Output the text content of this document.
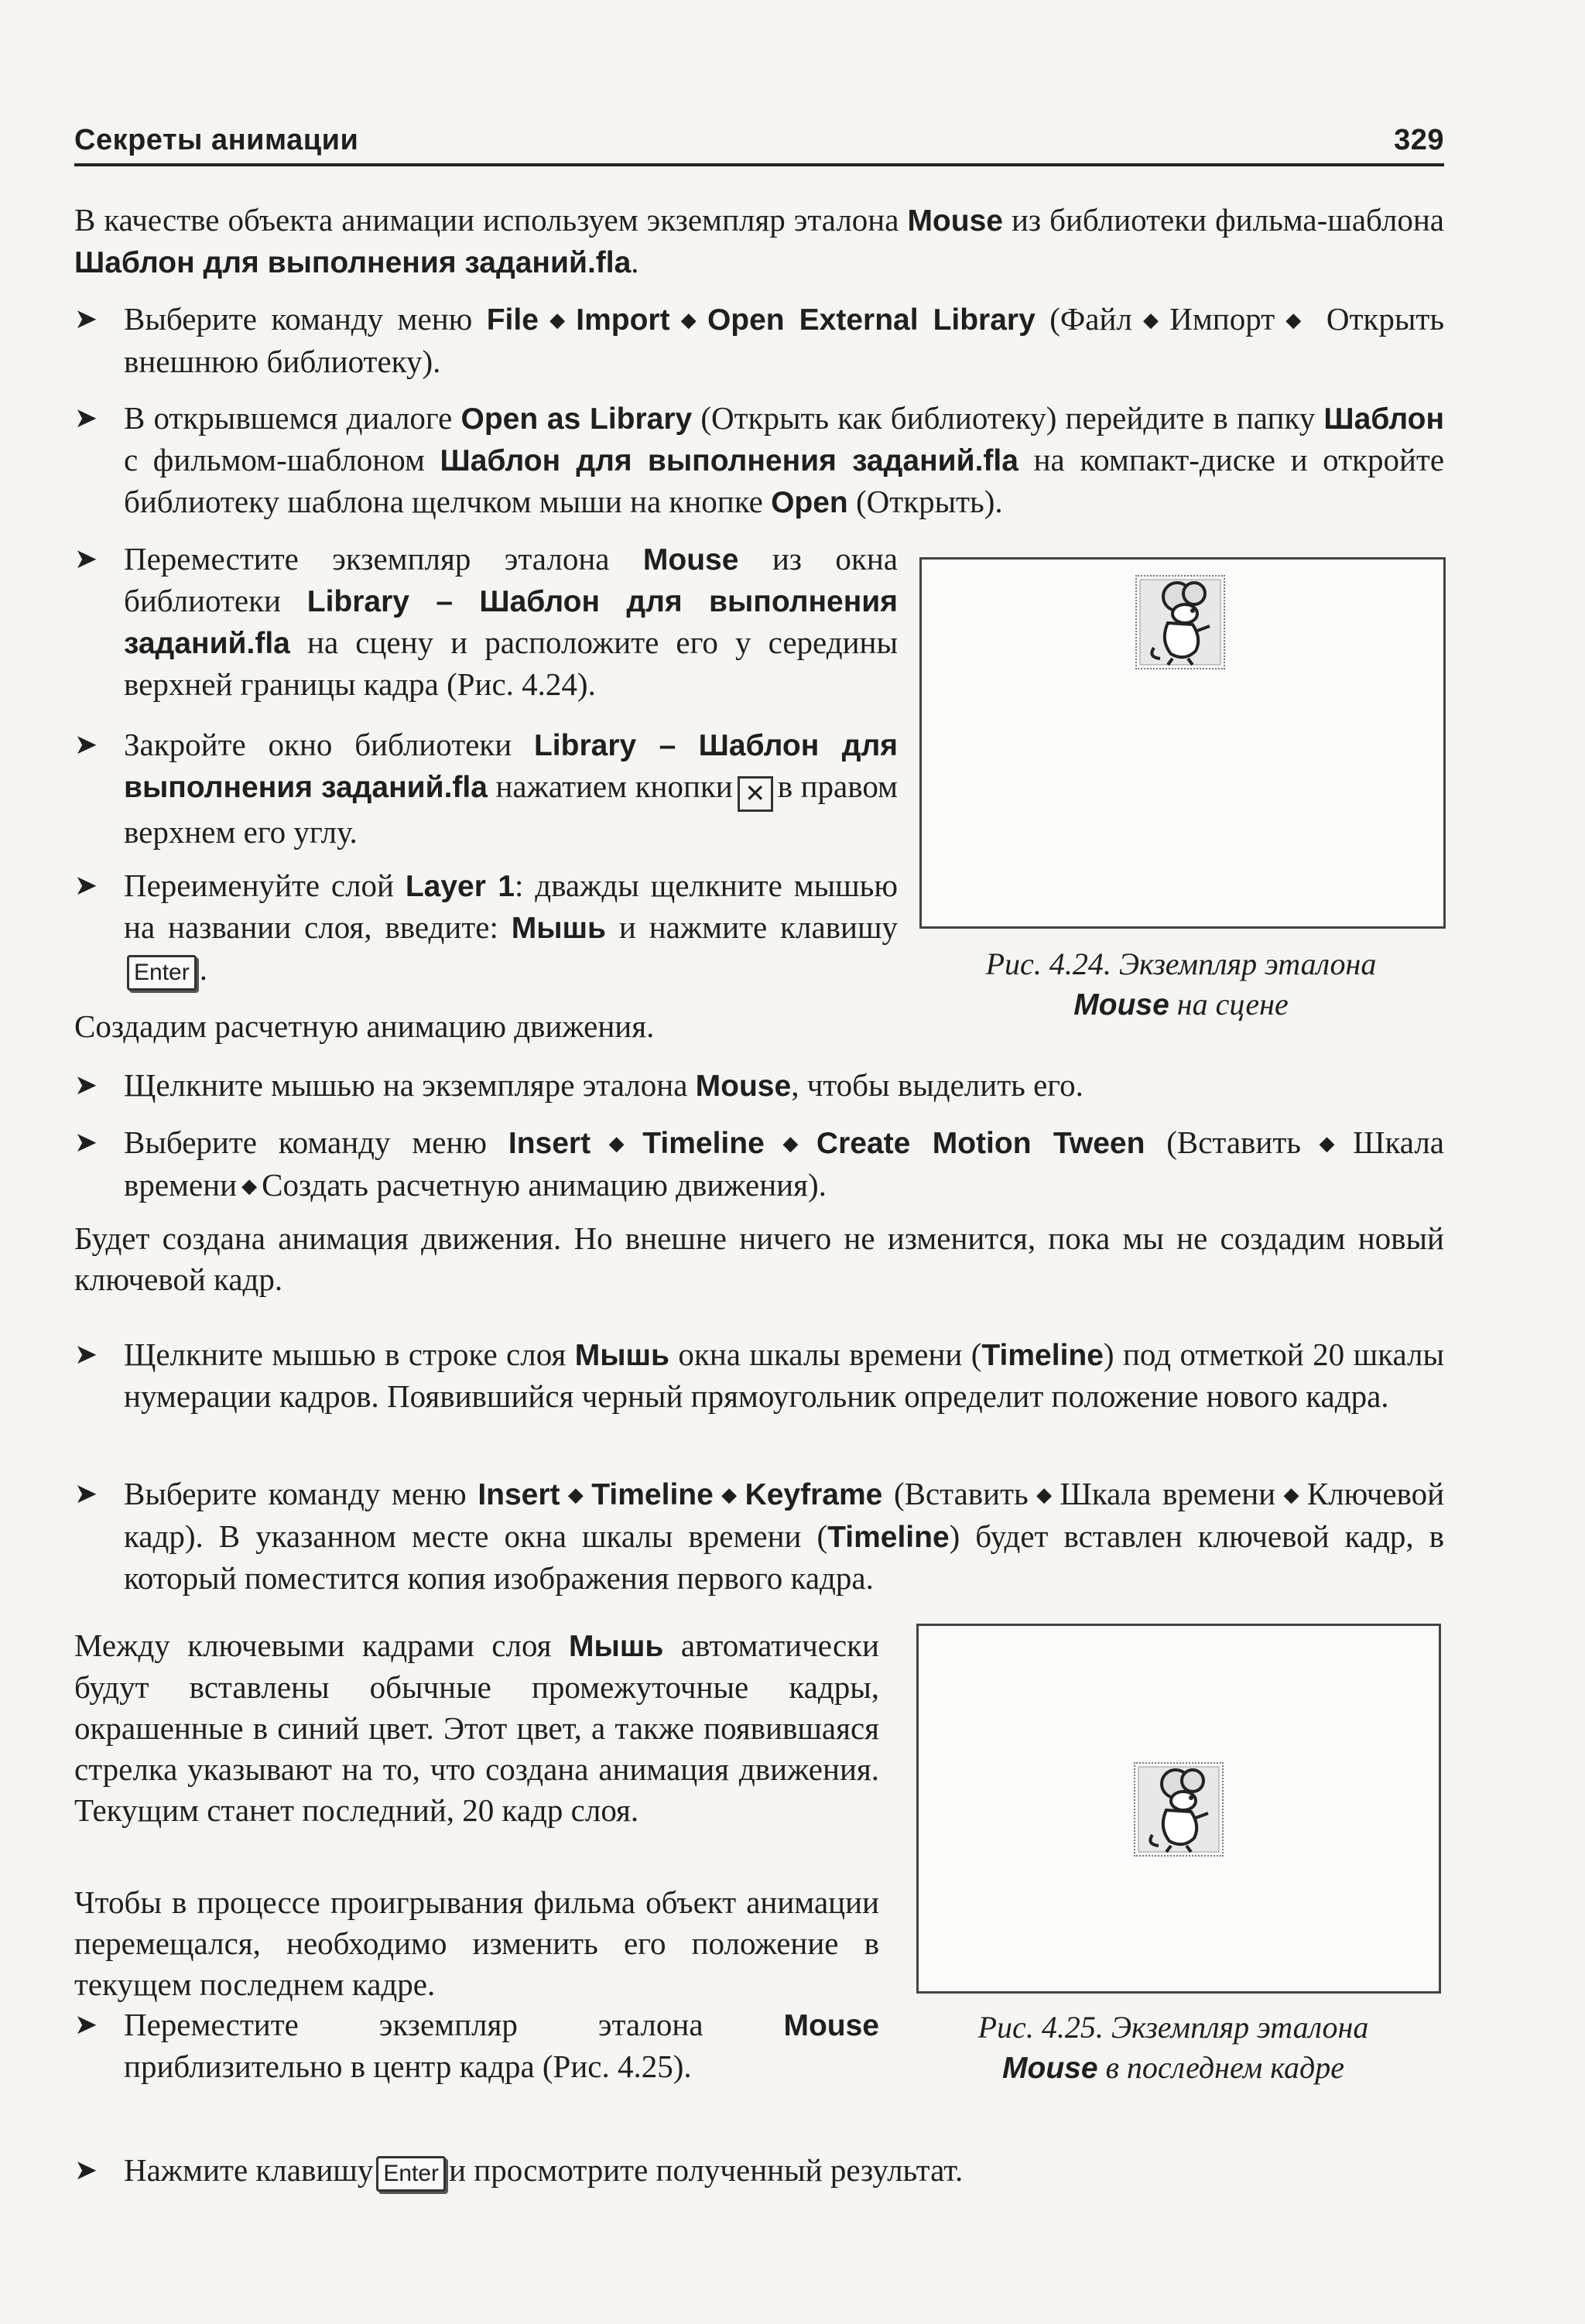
Секреты анимации	329

В качестве объекта анимации используем экземпляр эталона Mouse из библиотеки фильма-шаблона Шаблон для выполнения заданий.fla.

➤ Выберите команду меню File ◆ Import ◆ Open External Library (Файл ◆ Импорт ◆ Открыть внешнюю библиотеку).
➤ В открывшемся диалоге Open as Library (Открыть как библиотеку) перейдите в папку Шаблон с фильмом-шаблоном Шаблон для выполнения заданий.fla на компакт-диске и откройте библиотеку шаблона щелчком мыши на кнопке Open (Открыть).
➤ Переместите экземпляр эталона Mouse из окна библиотеки Library – Шаблон для выполнения заданий.fla на сцену и расположите его у середины верхней границы кадра (Рис. 4.24).
➤ Закройте окно библиотеки Library – Шаблон для выполнения заданий.fla нажатием кнопки ✕ в правом верхнем его углу.
➤ Переименуйте слой Layer 1: дважды щелкните мышью на названии слоя, введите: Мышь и нажмите клавишуEnter .	Рис. 4.24. Экземпляр эталона
Mouse на сцене

Создадим расчетную анимацию движения.

➤ Щелкните мышью на экземпляре эталона Mouse, чтобы выделить его.
➤ Выберите команду меню Insert ◆ Timeline ◆ Create Motion Tween (Вставить ◆ Шкала времени ◆ Создать расчетную анимацию движения).

Будет создана анимация движения. Но внешне ничего не изменится, пока мы не создадим новый ключевой кадр.

➤ Щелкните мышью в строке слоя Мышь окна шкалы времени (Timeline) под отметкой 20 шкалы нумерации кадров. Появившийся черный прямоугольник определит положение нового кадра.
➤ Выберите команду меню Insert ◆ Timeline ◆ Keyframe (Вставить ◆ Шкала времени ◆ Ключевой кадр). В указанном месте окна шкалы времени (Timeline) будет вставлен ключевой кадр, в который поместится копия изображения первого кадра.

Между ключевыми кадрами слоя Мышь автоматически будут вставлены обычные промежуточные кадры, окрашенные в синий цвет. Этот цвет, а также появившаяся стрелка указывают на то, что создана анимация движения. Текущим станет последний, 20 кадр слоя.

Чтобы в процессе проигрывания фильма объект анимации перемещался, необходимо изменить его положение в текущем последнем кадре.

➤ Переместите экземпляр эталона	Mouse приблизительно в центр кадра (Рис. 4.25).
Рис. 4.25. Экземпляр эталона
Mouse в последнем кадре
➤ Нажмите клавишу Enter и просмотрите полученный результат.
